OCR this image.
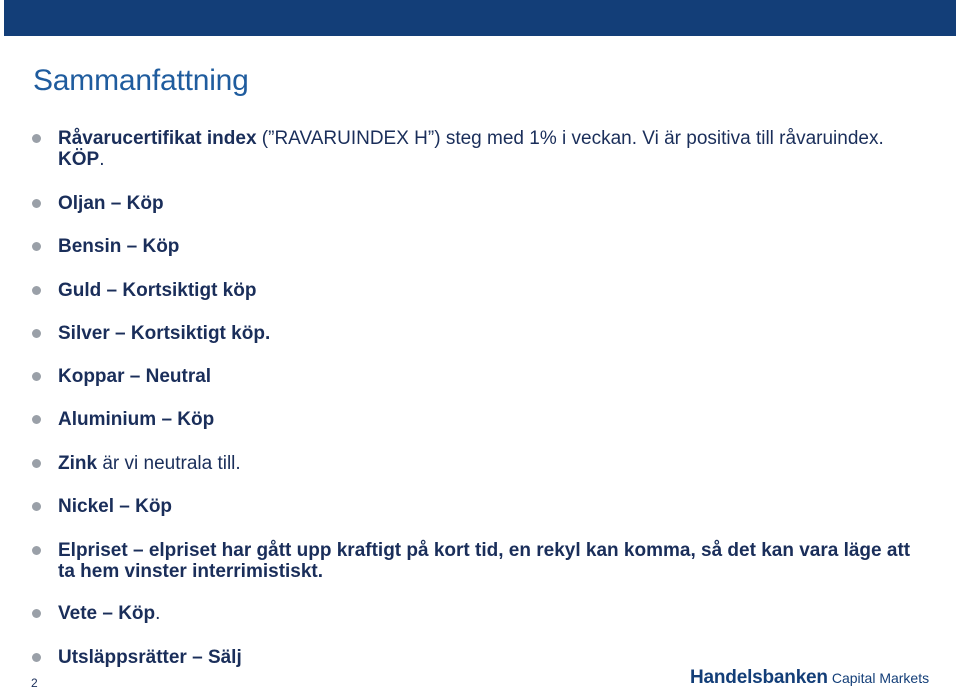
Sammanfattning
Råvarucertifikat index (”RAVARUINDEX H”) steg med 1% i veckan. Vi är positiva till råvaruindex. KÖP.
Oljan – Köp
Bensin – Köp
Guld – Kortsiktigt köp
Silver – Kortsiktigt köp.
Koppar – Neutral
Aluminium – Köp
Zink är vi neutrala till.
Nickel – Köp
Elpriset – elpriset har gått upp kraftigt på kort tid, en rekyl kan komma, så det kan vara läge att ta hem vinster interrimistiskt.
Vete – Köp.
Utsläppsrätter – Sälj
2	Handelsbanken Capital Markets
